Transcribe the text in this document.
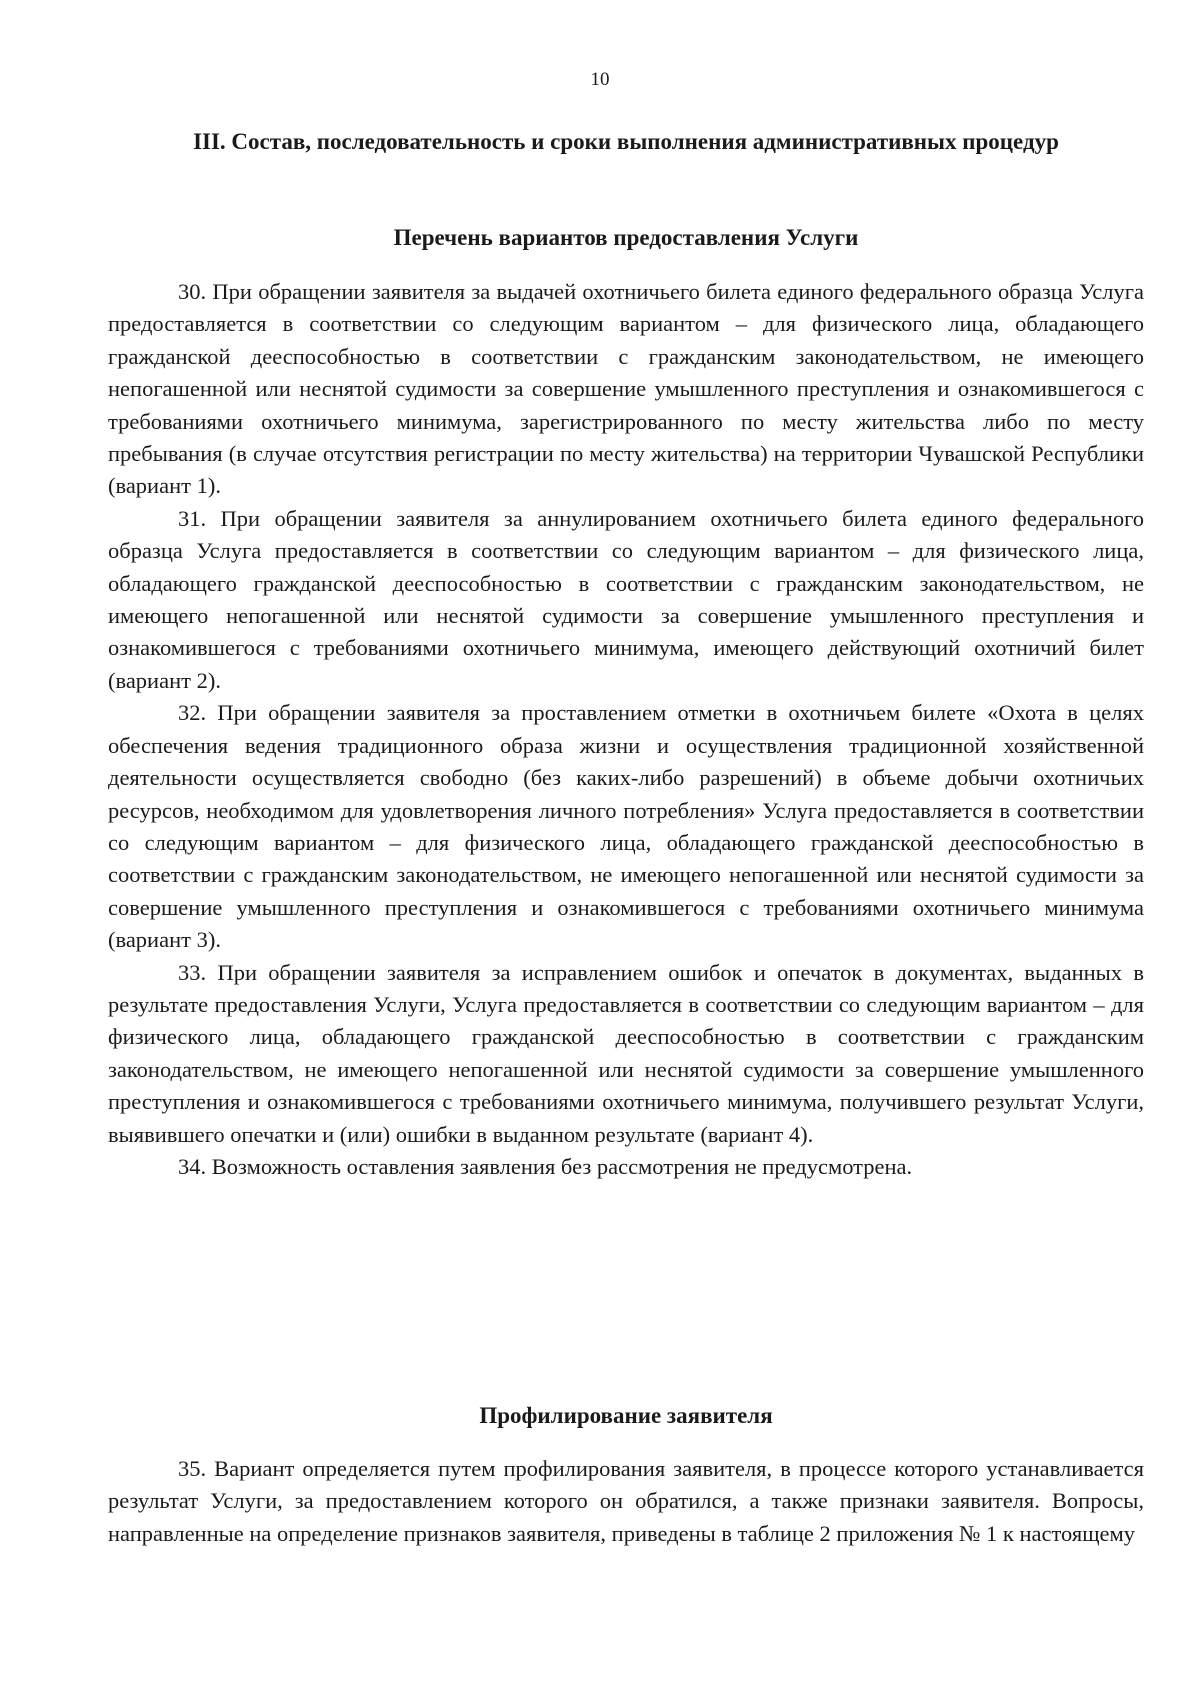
10
III. Состав, последовательность и сроки выполнения административных процедур
Перечень вариантов предоставления Услуги

30. При обращении заявителя за выдачей охотничьего билета единого федерального образца Услуга предоставляется в соответствии со следующим вариантом – для физического лица, обладающего гражданской дееспособностью в соответствии с гражданским законодательством, не имеющего непогашенной или неснятой судимости за совершение умышленного преступления и ознакомившегося с требованиями охотничьего минимума, зарегистрированного по месту жительства либо по месту пребывания (в случае отсутствия регистрации по месту жительства) на территории Чувашской Республики (вариант 1).

31. При обращении заявителя за аннулированием охотничьего билета единого федерального образца Услуга предоставляется в соответствии со следующим вариантом – для физического лица, обладающего гражданской дееспособностью в соответствии с гражданским законодательством, не имеющего непогашенной или неснятой судимости за совершение умышленного преступления и ознакомившегося с требованиями охотничьего минимума, имеющего действующий охотничий билет (вариант 2).

32. При обращении заявителя за проставлением отметки в охотничьем билете «Охота в целях обеспечения ведения традиционного образа жизни и осуществления традиционной хозяйственной деятельности осуществляется свободно (без каких-либо разрешений) в объеме добычи охотничьих ресурсов, необходимом для удовлетворения личного потребления» Услуга предоставляется в соответствии со следующим вариантом – для физического лица, обладающего гражданской дееспособностью в соответствии с гражданским законодательством, не имеющего непогашенной или неснятой судимости за совершение умышленного преступления и ознакомившегося с требованиями охотничьего минимума (вариант 3).

33. При обращении заявителя за исправлением ошибок и опечаток в документах, выданных в результате предоставления Услуги, Услуга предоставляется в соответствии со следующим вариантом – для физического лица, обладающего гражданской дееспособностью в соответствии с гражданским законодательством, не имеющего непогашенной или неснятой судимости за совершение умышленного преступления и ознакомившегося с требованиями охотничьего минимума, получившего результат Услуги, выявившего опечатки и (или) ошибки в выданном результате (вариант 4).

34. Возможность оставления заявления без рассмотрения не предусмотрена.

Профилирование заявителя

35. Вариант определяется путем профилирования заявителя, в процессе которого устанавливается результат Услуги, за предоставлением которого он обратился, а также признаки заявителя. Вопросы, направленные на определение признаков заявителя, приведены в таблице 2 приложения № 1 к настоящему
